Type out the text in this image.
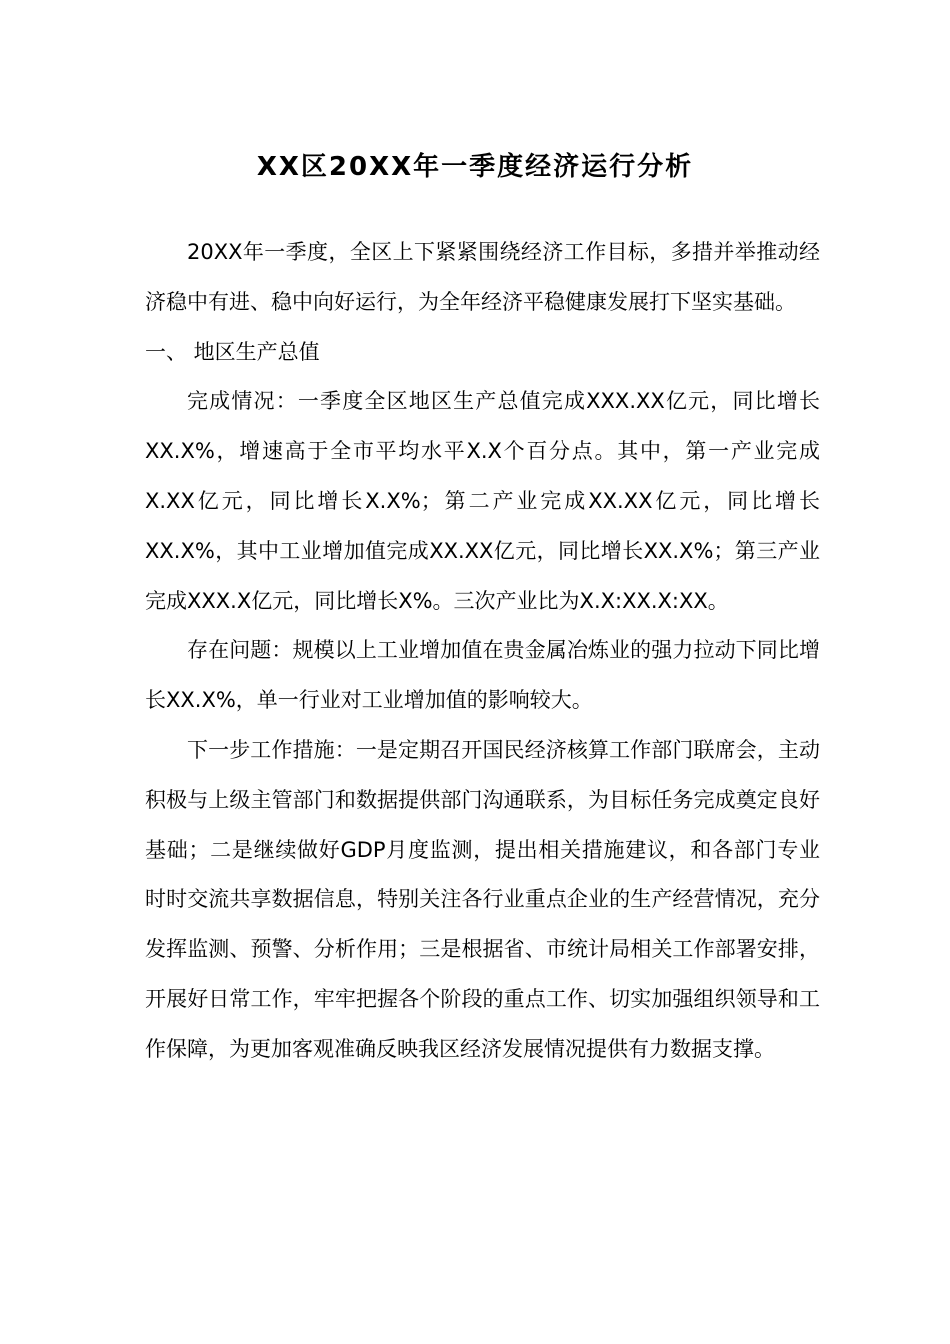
XX区20XX年一季度经济运行分析

20XX年一季度，全区上下紧紧围绕经济工作目标，多措并举推动经济稳中有进、稳中向好运行，为全年经济平稳健康发展打下坚实基础。

一、 地区生产总值

完成情况：一季度全区地区生产总值完成XXX.XX亿元，同比增长XX.X%，增速高于全市平均水平X.X个百分点。其中，第一产业完成X.XX亿元，同比增长X.X%；第二产业完成XX.XX亿元，同比增长XX.X%，其中工业增加值完成XX.XX亿元，同比增长XX.X%；第三产业完成XXX.X亿元，同比增长X%。三次产业比为X.X:XX.X:XX。

存在问题：规模以上工业增加值在贵金属冶炼业的强力拉动下同比增长XX.X%，单一行业对工业增加值的影响较大。

下一步工作措施：一是定期召开国民经济核算工作部门联席会，主动积极与上级主管部门和数据提供部门沟通联系，为目标任务完成奠定良好基础；二是继续做好GDP月度监测，提出相关措施建议，和各部门专业时时交流共享数据信息，特别关注各行业重点企业的生产经营情况，充分发挥监测、预警、分析作用；三是根据省、市统计局相关工作部署安排，开展好日常工作，牢牢把握各个阶段的重点工作、切实加强组织领导和工作保障，为更加客观准确反映我区经济发展情况提供有力数据支撑。
